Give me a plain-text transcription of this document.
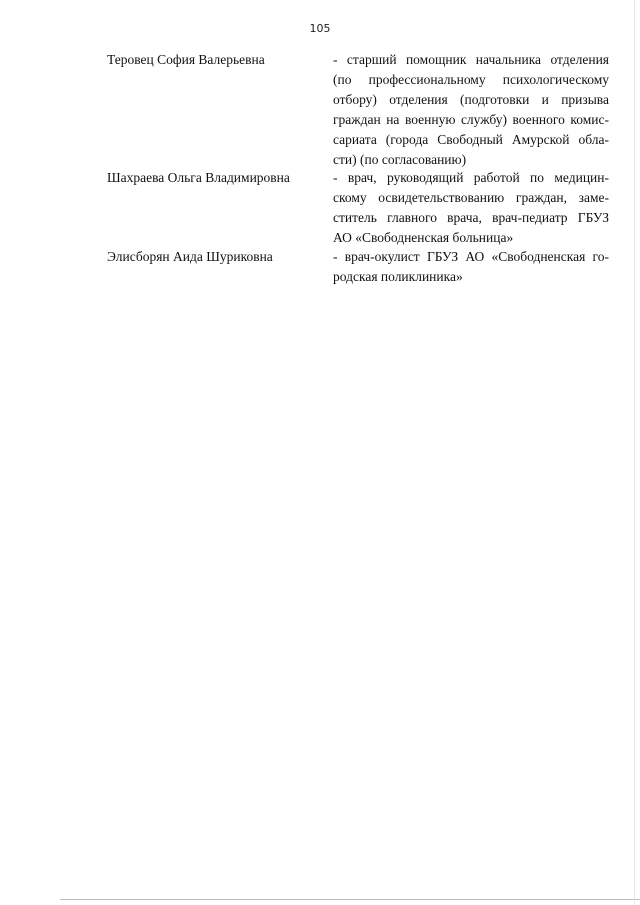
105
Теровец София Валерьевна	- старший помощник начальника отделения
(по профессиональному психологическому
отбору) отделения (подготовки и призыва
граждан на военную службу) военного комис-
сариата (города Свободный Амурской обла-
сти) (по согласованию)
Шахраева Ольга Владимировна	- врач, руководящий работой по медицин-
скому освидетельствованию граждан, заме-
ститель главного врача, врач-педиатр ГБУЗ
АО «Свободненская больница»
Элисборян Аида Шуриковна	- врач-окулист ГБУЗ АО «Свободненская го-
родская поликлиника»
